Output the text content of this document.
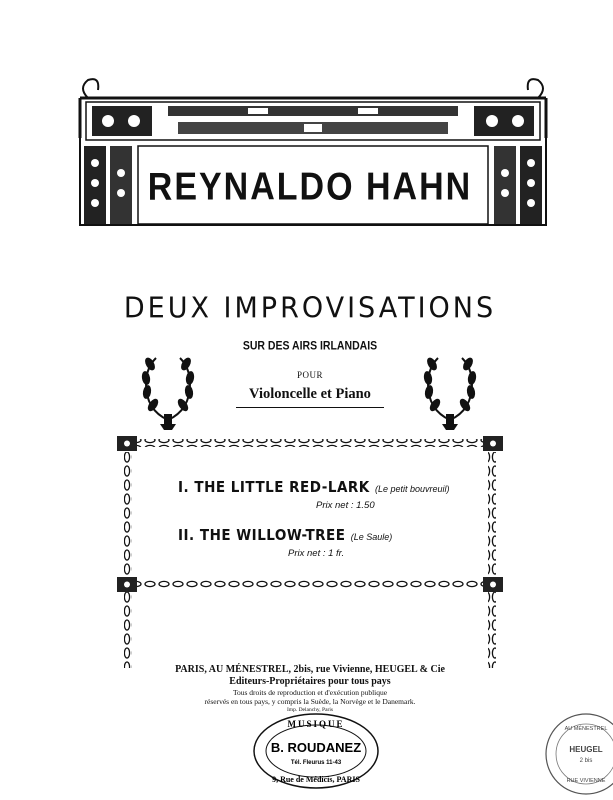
REYNALDO HAHN
DEUX IMPROVISATIONS
SUR DES AIRS IRLANDAIS
POUR
Violoncelle et Piano
I. THE LITTLE RED-LARK (Le petit bouvreuil)
Prix net : 1.50
II. THE WILLOW-TREE (Le Saule)
Prix net : 1 fr.
PARIS, AU MÉNESTREL, 2bis, rue Vivienne, HEUGEL & Cie
Editeurs-Propriétaires pour tous pays
Tous droits de reproduction et d'exécution publique
réservés en tous pays, y compris la Suède, la Norvège et le Danemark.
Imp. Delanchy, Paris
MUSIQUE
B. ROUDANEZ
Tél. Fleurus 11-43
9, Rue de Médicis, PARIS
AU MÉNESTREL
HEUGEL
2 bis
RUE VIVIENNE
